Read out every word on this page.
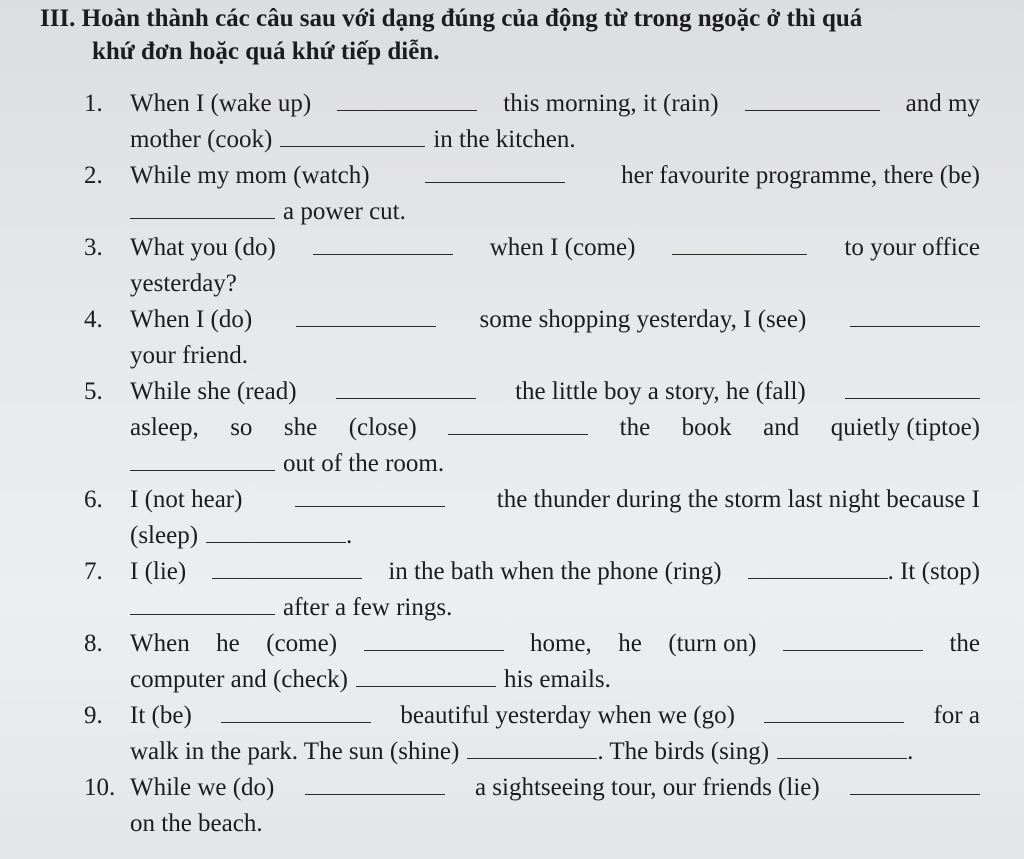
III. Hoàn thành các câu sau với dạng đúng của động từ trong ngoặc ở thì quá
khứ đơn hoặc quá khứ tiếp diễn.
1.	When I (wake up)	this morning, it (rain)	and my
mother (cook)	in the kitchen.
2.	While my mom (watch)	her favourite programme, there (be)
a power cut.
3.	What you (do)	when I (come)	to your office
yesterday?
4.	When I (do)	some shopping yesterday, I (see)
your friend.
5.	While she (read)	the little boy a story, he (fall)
asleep, so she (close)	the book and quietly (tiptoe)
out of the room.
6.	I (not hear)	the thunder during the storm last night because I
(sleep)	.
7.	I (lie)	in the bath when the phone (ring)	. It (stop)
after a few rings.
8.	When he (come)	home, he (turn on)	the
computer and (check)	his emails.
9.	It (be)	beautiful yesterday when we (go)	for a
walk in the park. The sun (shine)	. The birds (sing)	.
10. While we (do)	a sightseeing tour, our friends (lie)
on the beach.
